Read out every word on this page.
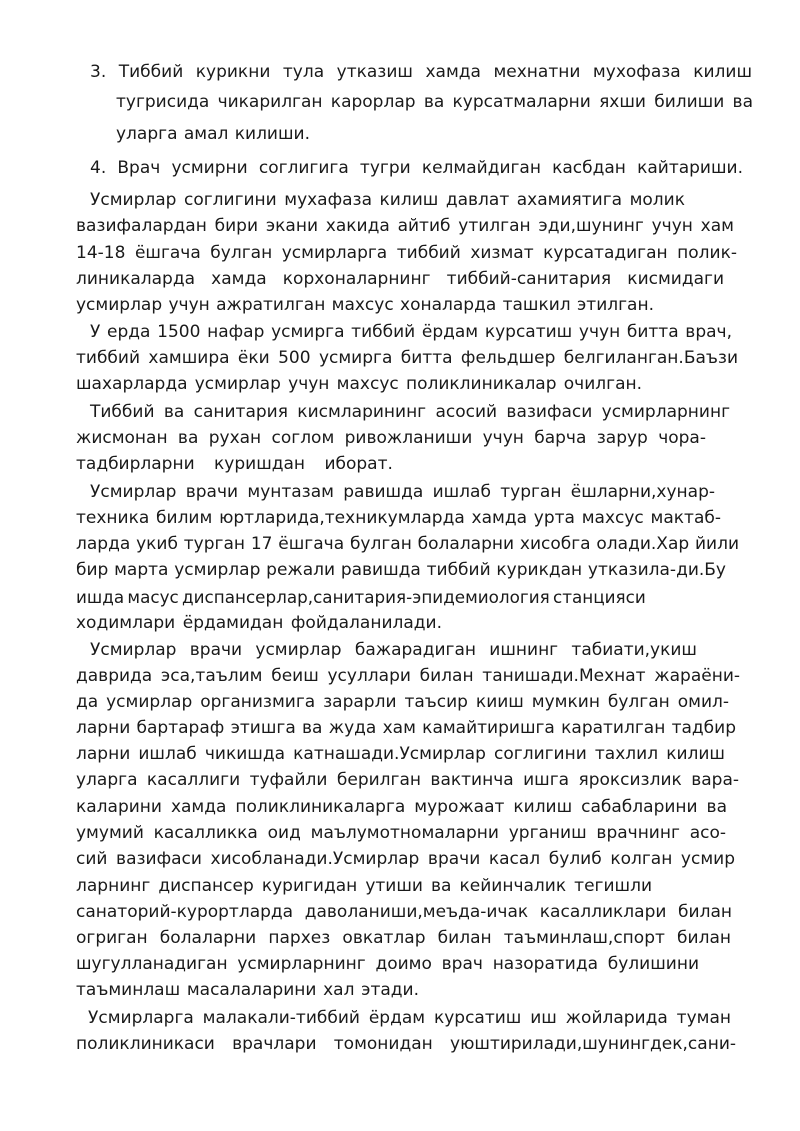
3. Тиббий курикни тула утказиш хамда мехнатни мухофаза килиш

тугрисида чикарилган карорлар ва курсатмаларни яхши билиши ва

уларга амал килиши.

4. Врач усмирни соглигига тугри келмайдиган касбдан кайтариши.

Усмирлар соглигини мухафаза килиш давлат ахамиятига молик

вазифалардан бири экани хакида айтиб утилган эди,шунинг учун хам

14-18 ёшгача булган усмирларга тиббий хизмат курсатадиган полик-

линикаларда хамда корхоналарнинг тиббий-санитария кисмидаги

усмирлар учун ажратилган махсус хоналарда ташкил этилган.

У ерда 1500 нафар усмирга тиббий ёрдам курсатиш учун битта врач,

тиббий хамшира ёки 500 усмирга битта фельдшер белгиланган.Баъзи

шахарларда усмирлар учун махсус поликлиникалар очилган.

Тиббий ва санитария кисмларининг асосий вазифаси усмирларнинг

жисмонан ва рухан соглом ривожланиши учун барча зарур чора-

тадбирларни куришдан иборат.

Усмирлар врачи мунтазам равишда ишлаб турган ёшларни,хунар-

техника билим юртларида,техникумларда хамда урта махсус мактаб-

ларда укиб турган 17 ёшгача булган болаларни хисобга олади.Хар йили

бир марта усмирлар режали равишда тиббий курикдан утказила-ди.Бу

ишда масус диспансерлар,санитария-эпидемиология станцияси

ходимлари ёрдамидан фойдаланилади.

Усмирлар врачи усмирлар бажарадиган ишнинг табиати,укиш

даврида эса,таълим беиш усуллари билан танишади.Мехнат жараёни-

да усмирлар организмига зарарли таъсир кииш мумкин булган омил-

ларни бартараф этишга ва жуда хам камайтиришга каратилган тадбир

ларни ишлаб чикишда катнашади.Усмирлар соглигини тахлил килиш

уларга касаллиги туфайли берилган вактинча ишга яроксизлик вара-

каларини хамда поликлиникаларга мурожаат килиш сабабларини ва

умумий касалликка оид маълумотномаларни урганиш врачнинг асо-

сий вазифаси хисобланади.Усмирлар врачи касал булиб колган усмир

ларнинг диспансер куригидан утиши ва кейинчалик тегишли

санаторий-курортларда даволаниши,меъда-ичак касалликлари билан

огриган болаларни пархез овкатлар билан таъминлаш,спорт билан

шугулланадиган усмирларнинг доимо врач назоратида булишини

таъминлаш масалаларини хал этади.

Усмирларга малакали-тиббий ёрдам курсатиш иш жойларида туман

поликлиникаси врачлари томонидан уюштирилади,шунингдек,сани-
